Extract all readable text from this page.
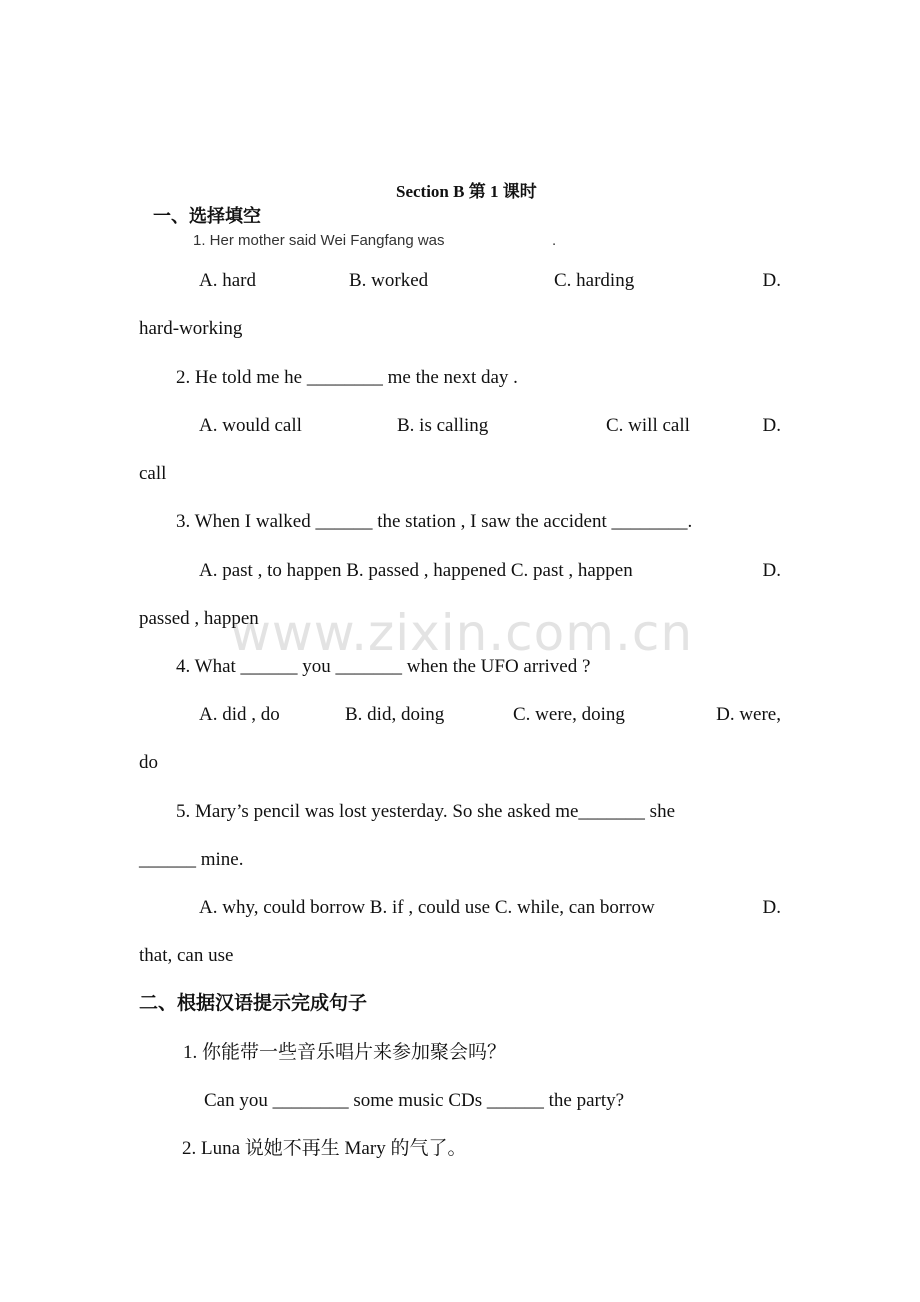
www.zixin.com.cn
Section B 第 1 课时
一、选择填空
1. Her mother said Wei Fangfang was	.
A. hard	B. worked	C. harding	D.
hard-working
2. He told me he ________ me the next day .
A. would call	B. is calling	C. will call	D.
call
3. When I walked ______ the station , I saw the accident ________.
A. past , to happen B. passed , happened C. past , happen	D.
passed , happen
4. What ______ you _______ when the UFO arrived ?
A. did , do	B. did, doing	C. were, doing	D. were,
do
5. Mary’s pencil was lost yesterday. So she asked me_______ she
______ mine.
A. why, could borrow B. if , could use C. while, can borrow	D.
that, can use
二、根据汉语提示完成句子
1. 你能带一些音乐唱片来参加聚会吗？
Can you ________ some music CDs ______ the party?
2. Luna 说她不再生 Mary 的气了。
